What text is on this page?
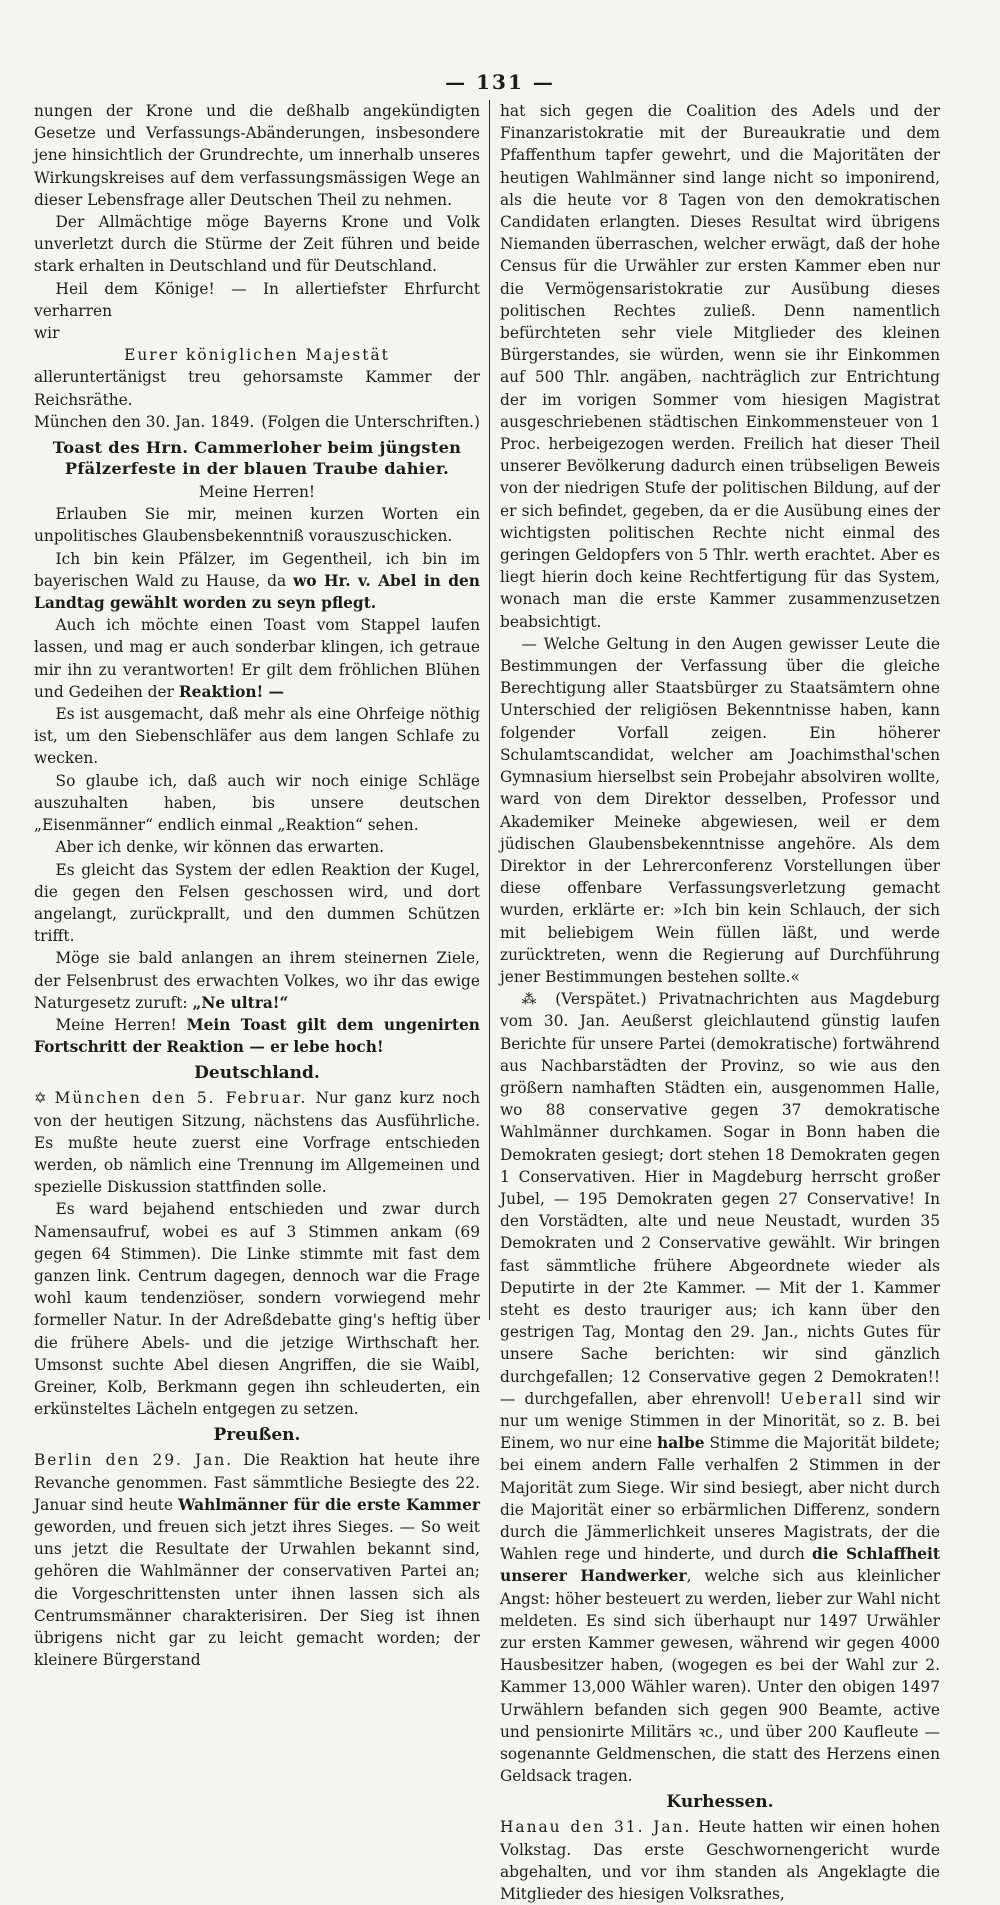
— 131 —

nungen der Krone und die deßhalb angekündigten Gesetze und Verfassungs-Abänderungen, insbesondere jene hinsichtlich der Grundrechte, um innerhalb unseres Wirkungskreises auf dem verfassungsmässigen Wege an dieser Lebensfrage aller Deutschen Theil zu nehmen.

Der Allmächtige möge Bayerns Krone und Volk unverletzt durch die Stürme der Zeit führen und beide stark erhalten in Deutschland und für Deutschland.

Heil dem Könige! — In allertiefster Ehrfurcht verharren

wir

Eurer königlichen Majestät

alleruntertänigst treu gehorsamste Kammer der Reichsräthe.

München den 30. Jan. 1849. (Folgen die Unterschriften.)
Toast des Hrn. Cammerloher beim jüngsten Pfälzerfeste in der blauen Traube dahier.

Meine Herren!

Erlauben Sie mir, meinen kurzen Worten ein unpolitisches Glaubensbekenntniß vorauszuschicken.

Ich bin kein Pfälzer, im Gegentheil, ich bin im bayerischen Wald zu Hause, da wo Hr. v. Abel in den Landtag gewählt worden zu seyn pflegt.

Auch ich möchte einen Toast vom Stappel laufen lassen, und mag er auch sonderbar klingen, ich getraue mir ihn zu verantworten! Er gilt dem fröhlichen Blühen und Gedeihen der Reaktion! —

Es ist ausgemacht, daß mehr als eine Ohrfeige nöthig ist, um den Siebenschläfer aus dem langen Schlafe zu wecken.

So glaube ich, daß auch wir noch einige Schläge auszuhalten haben, bis unsere deutschen „Eisenmänner“ endlich einmal „Reaktion“ sehen.

Aber ich denke, wir können das erwarten.

Es gleicht das System der edlen Reaktion der Kugel, die gegen den Felsen geschossen wird, und dort angelangt, zurückprallt, und den dummen Schützen trifft.

Möge sie bald anlangen an ihrem steinernen Ziele, der Felsenbrust des erwachten Volkes, wo ihr das ewige Naturgesetz zuruft: „Ne ultra!“

Meine Herren! Mein Toast gilt dem ungenirten Fortschritt der Reaktion — er lebe hoch!

Deutschland.

✡ München den 5. Februar. Nur ganz kurz noch von der heutigen Sitzung, nächstens das Ausführliche. Es mußte heute zuerst eine Vorfrage entschieden werden, ob nämlich eine Trennung im Allgemeinen und spezielle Diskussion stattfinden solle.

Es ward bejahend entschieden und zwar durch Namensaufruf, wobei es auf 3 Stimmen ankam (69 gegen 64 Stimmen). Die Linke stimmte mit fast dem ganzen link. Centrum dagegen, dennoch war die Frage wohl kaum tendenziöser, sondern vorwiegend mehr formeller Natur. In der Adreßdebatte ging's heftig über die frühere Abels- und die jetzige Wirthschaft her. Umsonst suchte Abel diesen Angriffen, die sie Waibl, Greiner, Kolb, Berkmann gegen ihn schleuderten, ein erkünsteltes Lächeln entgegen zu setzen.

Preußen.

Berlin den 29. Jan. Die Reaktion hat heute ihre Revanche genommen. Fast sämmtliche Besiegte des 22. Januar sind heute Wahlmänner für die erste Kammer geworden, und freuen sich jetzt ihres Sieges. — So weit uns jetzt die Resultate der Urwahlen bekannt sind, gehören die Wahlmänner der conservativen Partei an; die Vorgeschrittensten unter ihnen lassen sich als Centrumsmänner charakterisiren. Der Sieg ist ihnen übrigens nicht gar zu leicht gemacht worden; der kleinere Bürgerstand

hat sich gegen die Coalition des Adels und der Finanzaristokratie mit der Bureaukratie und dem Pfaffenthum tapfer gewehrt, und die Majoritäten der heutigen Wahlmänner sind lange nicht so imponirend, als die heute vor 8 Tagen von den demokratischen Candidaten erlangten. Dieses Resultat wird übrigens Niemanden überraschen, welcher erwägt, daß der hohe Census für die Urwähler zur ersten Kammer eben nur die Vermögensaristokratie zur Ausübung dieses politischen Rechtes zuließ. Denn namentlich befürchteten sehr viele Mitglieder des kleinen Bürgerstandes, sie würden, wenn sie ihr Einkommen auf 500 Thlr. angäben, nachträglich zur Entrichtung der im vorigen Sommer vom hiesigen Magistrat ausgeschriebenen städtischen Einkommensteuer von 1 Proc. herbeigezogen werden. Freilich hat dieser Theil unserer Bevölkerung dadurch einen trübseligen Beweis von der niedrigen Stufe der politischen Bildung, auf der er sich befindet, gegeben, da er die Ausübung eines der wichtigsten politischen Rechte nicht einmal des geringen Geldopfers von 5 Thlr. werth erachtet. Aber es liegt hierin doch keine Rechtfertigung für das System, wonach man die erste Kammer zusammenzusetzen beabsichtigt.

— Welche Geltung in den Augen gewisser Leute die Bestimmungen der Verfassung über die gleiche Berechtigung aller Staatsbürger zu Staatsämtern ohne Unterschied der religiösen Bekenntnisse haben, kann folgender Vorfall zeigen. Ein höherer Schulamtscandidat, welcher am Joachimsthal'schen Gymnasium hierselbst sein Probejahr absolviren wollte, ward von dem Direktor desselben, Professor und Akademiker Meineke abgewiesen, weil er dem jüdischen Glaubensbekenntnisse angehöre. Als dem Direktor in der Lehrerconferenz Vorstellungen über diese offenbare Verfassungsverletzung gemacht wurden, erklärte er: »Ich bin kein Schlauch, der sich mit beliebigem Wein füllen läßt, und werde zurücktreten, wenn die Regierung auf Durchführung jener Bestimmungen bestehen sollte.«

⁂ (Verspätet.) Privatnachrichten aus Magdeburg vom 30. Jan. Aeußerst gleichlautend günstig laufen Berichte für unsere Partei (demokratische) fortwährend aus Nachbarstädten der Provinz, so wie aus den größern namhaften Städten ein, ausgenommen Halle, wo 88 conservative gegen 37 demokratische Wahlmänner durchkamen. Sogar in Bonn haben die Demokraten gesiegt; dort stehen 18 Demokraten gegen 1 Conservativen. Hier in Magdeburg herrscht großer Jubel, — 195 Demokraten gegen 27 Conservative! In den Vorstädten, alte und neue Neustadt, wurden 35 Demokraten und 2 Conservative gewählt. Wir bringen fast sämmtliche frühere Abgeordnete wieder als Deputirte in der 2te Kammer. — Mit der 1. Kammer steht es desto trauriger aus; ich kann über den gestrigen Tag, Montag den 29. Jan., nichts Gutes für unsere Sache berichten: wir sind gänzlich durchgefallen; 12 Conservative gegen 2 Demokraten!! — durchgefallen, aber ehrenvoll! Ueberall sind wir nur um wenige Stimmen in der Minorität, so z. B. bei Einem, wo nur eine halbe Stimme die Majorität bildete; bei einem andern Falle verhalfen 2 Stimmen in der Majorität zum Siege. Wir sind besiegt, aber nicht durch die Majorität einer so erbärmlichen Differenz, sondern durch die Jämmerlichkeit unseres Magistrats, der die Wahlen rege und hinderte, und durch die Schlaffheit unserer Handwerker, welche sich aus kleinlicher Angst: höher besteuert zu werden, lieber zur Wahl nicht meldeten. Es sind sich überhaupt nur 1497 Urwähler zur ersten Kammer gewesen, während wir gegen 4000 Hausbesitzer haben, (wogegen es bei der Wahl zur 2. Kammer 13,000 Wähler waren). Unter den obigen 1497 Urwählern befanden sich gegen 900 Beamte, active und pensionirte Militärs ꝛc., und über 200 Kaufleute — sogenannte Geldmenschen, die statt des Herzens einen Geldsack tragen.

Kurhessen.

Hanau den 31. Jan. Heute hatten wir einen hohen Volkstag. Das erste Geschwornengericht wurde abgehalten, und vor ihm standen als Angeklagte die Mitglieder des hiesigen Volksrathes,
